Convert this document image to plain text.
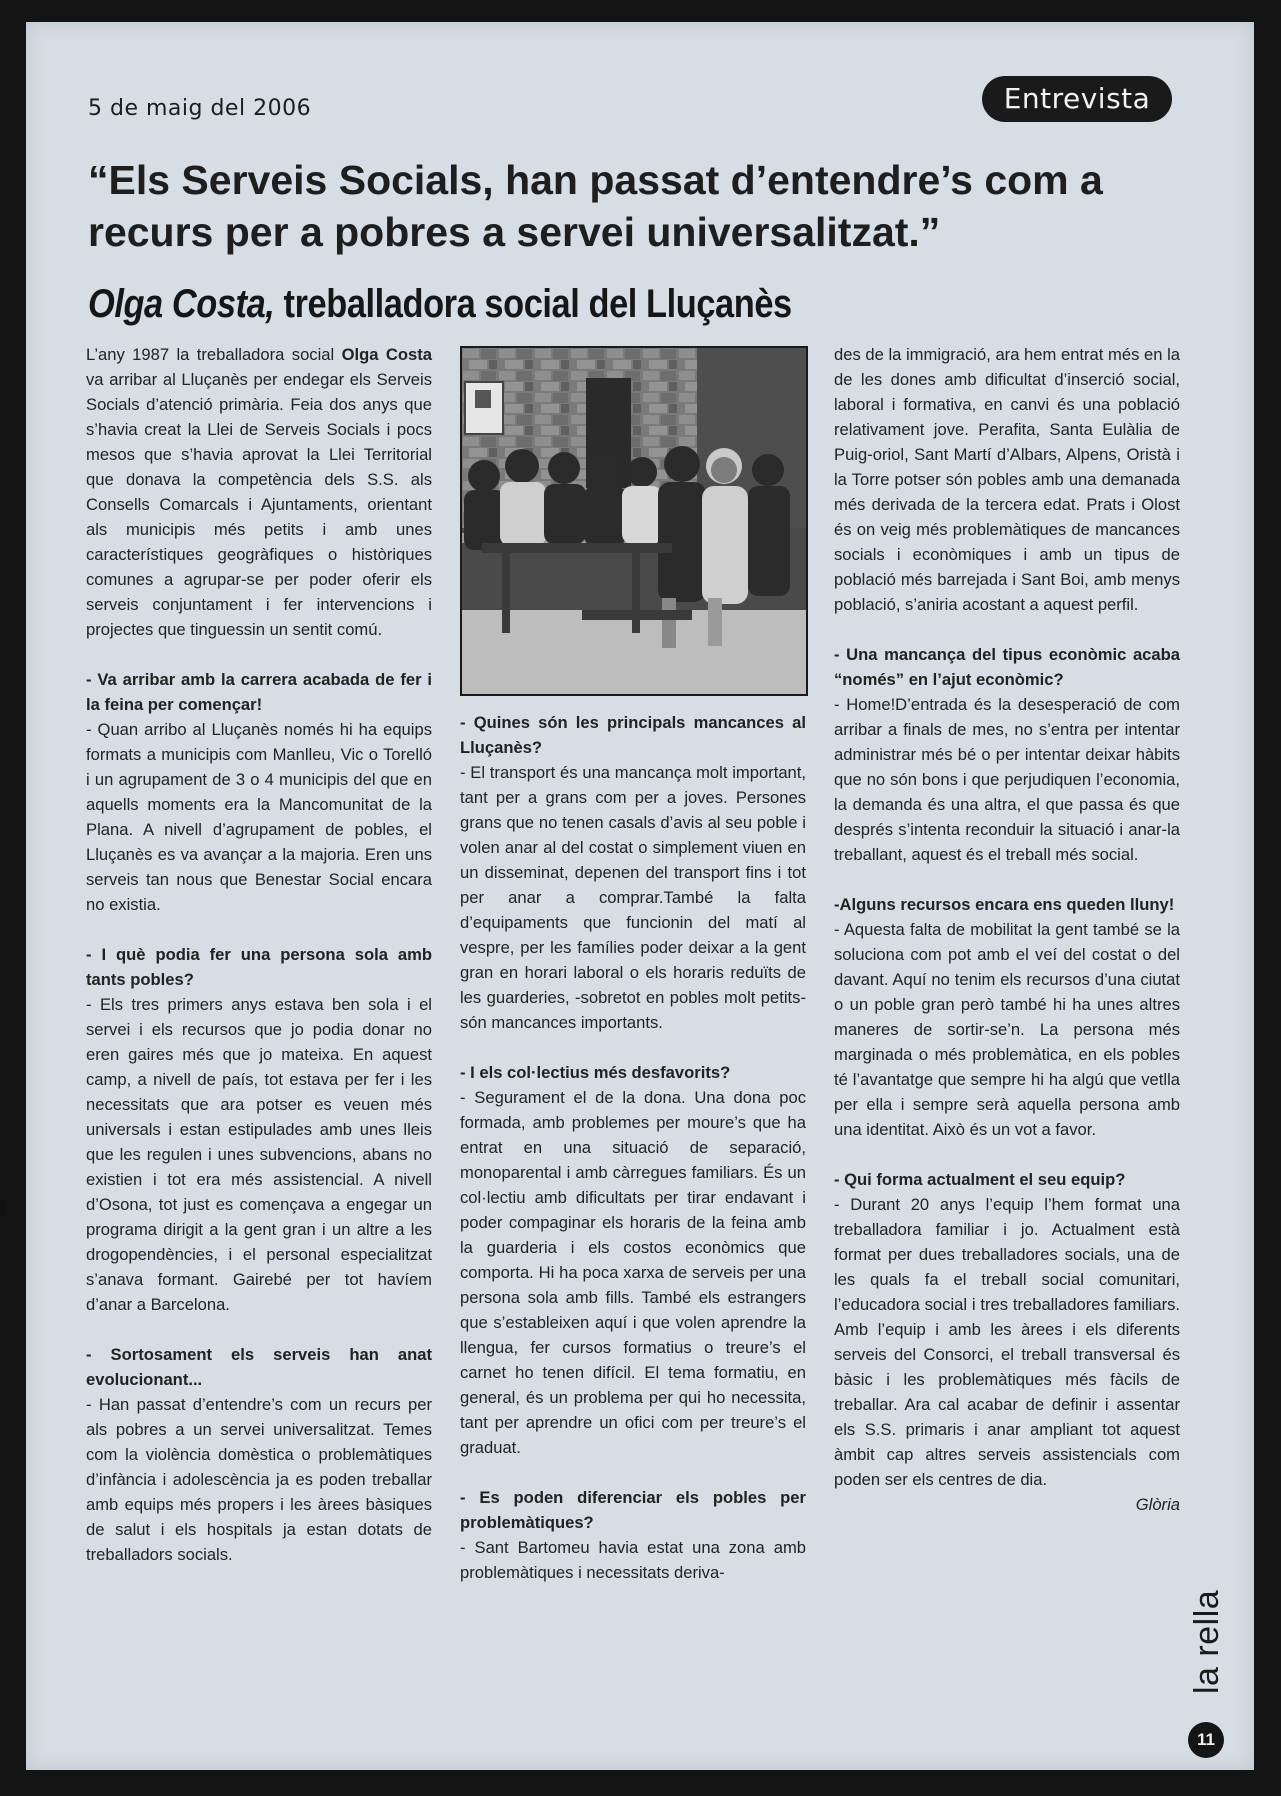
5 de maig del 2006	Entrevista
“Els Serveis Socials, han passat d’entendre’s com a recurs per a pobres a servei universalitzat.”
Olga Costa, treballadora social del Lluçanès

L’any 1987 la treballadora social Olga Costa va arribar al Lluçanès per endegar els Serveis Socials d’atenció primària. Feia dos anys que s’havia creat la Llei de Serveis Socials i pocs mesos que s’havia aprovat la Llei Territorial que donava la competència dels S.S. als Consells Comarcals i Ajuntaments, orientant als municipis més petits i amb unes característiques geogràfiques o històriques comunes a agrupar-se per poder oferir els serveis conjuntament i fer intervencions i projectes que tinguessin un sentit comú.

- Va arribar amb la carrera acabada de fer i la feina per començar!

- Quan arribo al Lluçanès només hi ha equips formats a municipis com Manlleu, Vic o Torelló i un agrupament de 3 o 4 municipis del que en aquells moments era la Mancomunitat de la Plana. A nivell d’agrupament de pobles, el Lluçanès es va avançar a la majoria. Eren uns serveis tan nous que Benestar Social encara no existia.

- I què podia fer una persona sola amb tants pobles?

- Els tres primers anys estava ben sola i el servei i els recursos que jo podia donar no eren gaires més que jo mateixa. En aquest camp, a nivell de país, tot estava per fer i les necessitats que ara potser es veuen més universals i estan estipulades amb unes lleis que les regulen i unes subvencions, abans no existien i tot era més assistencial. A nivell d’Osona, tot just es començava a engegar un programa dirigit a la gent gran i un altre a les drogopendències, i el personal especialitzat s’anava formant. Gairebé per tot havíem d’anar a Barcelona.

- Sortosament els serveis han anat evolucionant...

- Han passat d’entendre’s com un recurs per als pobres a un servei universalitzat. Temes com la violència domèstica o problemàtiques d’infància i adolescència ja es poden treballar amb equips més propers i les àrees bàsiques de salut i els hospitals ja estan dotats de treballadors socials.

- Quines són les principals mancances al Lluçanès?

- El transport és una mancança molt important, tant per a grans com per a joves. Persones grans que no tenen casals d’avis al seu poble i volen anar al del costat o simplement viuen en un disseminat, depenen del transport fins i tot per anar a comprar.També la falta d’equipaments que funcionin del matí al vespre, per les famílies poder deixar a la gent gran en horari laboral o els horaris reduïts de les guarderies, -sobretot en pobles molt petits- són mancances importants.

- I els col·lectius més desfavorits?

- Segurament el de la dona. Una dona poc formada, amb problemes per moure’s que ha entrat en una situació de separació, monoparental i amb càrregues familiars. És un col·lectiu amb dificultats per tirar endavant i poder compaginar els horaris de la feina amb la guarderia i els costos econòmics que comporta. Hi ha poca xarxa de serveis per una persona sola amb fills. També els estrangers que s’estableixen aquí i que volen aprendre la llengua, fer cursos formatius o treure’s el carnet ho tenen difícil. El tema formatiu, en general, és un problema per qui ho necessita, tant per aprendre un ofici com per treure’s el graduat.

- Es poden diferenciar els pobles per problemàtiques?

- Sant Bartomeu havia estat una zona amb problemàtiques i necessitats deriva-

des de la immigració, ara hem entrat més en la de les dones amb dificultat d’inserció social, laboral i formativa, en canvi és una població relativament jove. Perafita, Santa Eulàlia de Puig-oriol, Sant Martí d’Albars, Alpens, Oristà i la Torre potser són pobles amb una demanada més derivada de la tercera edat. Prats i Olost és on veig més problemàtiques de mancances socials i econòmiques i amb un tipus de població més barrejada i Sant Boi, amb menys població, s’aniria acostant a aquest perfil.

- Una mancança del tipus econòmic acaba “només” en l’ajut econòmic?

- Home!D’entrada és la desesperació de com arribar a finals de mes, no s’entra per intentar administrar més bé o per intentar deixar hàbits que no són bons i que perjudiquen l’economia, la demanda és una altra, el que passa és que després s’intenta reconduir la situació i anar-la treballant, aquest és el treball més social.

-Alguns recursos encara ens queden lluny!

- Aquesta falta de mobilitat la gent també se la soluciona com pot amb el veí del costat o del davant. Aquí no tenim els recursos d’una ciutat o un poble gran però també hi ha unes altres maneres de sortir-se’n. La persona més marginada o més problemàtica, en els pobles té l’avantatge que sempre hi ha algú que vetlla per ella i sempre serà aquella persona amb una identitat. Això és un vot a favor.

- Qui forma actualment el seu equip?

- Durant 20 anys l’equip l’hem format una treballadora familiar i jo. Actualment està format per dues treballadores socials, una de les quals fa el treball social comunitari, l’educadora social i tres treballadores familiars. Amb l’equip i amb les àrees i els diferents serveis del Consorci, el treball transversal és bàsic i les problemàtiques més fàcils de treballar. Ara cal acabar de definir i assentar els S.S. primaris i anar ampliant tot aquest àmbit cap altres serveis assistencials com poden ser els centres de dia.

Glòria

la rella
11
